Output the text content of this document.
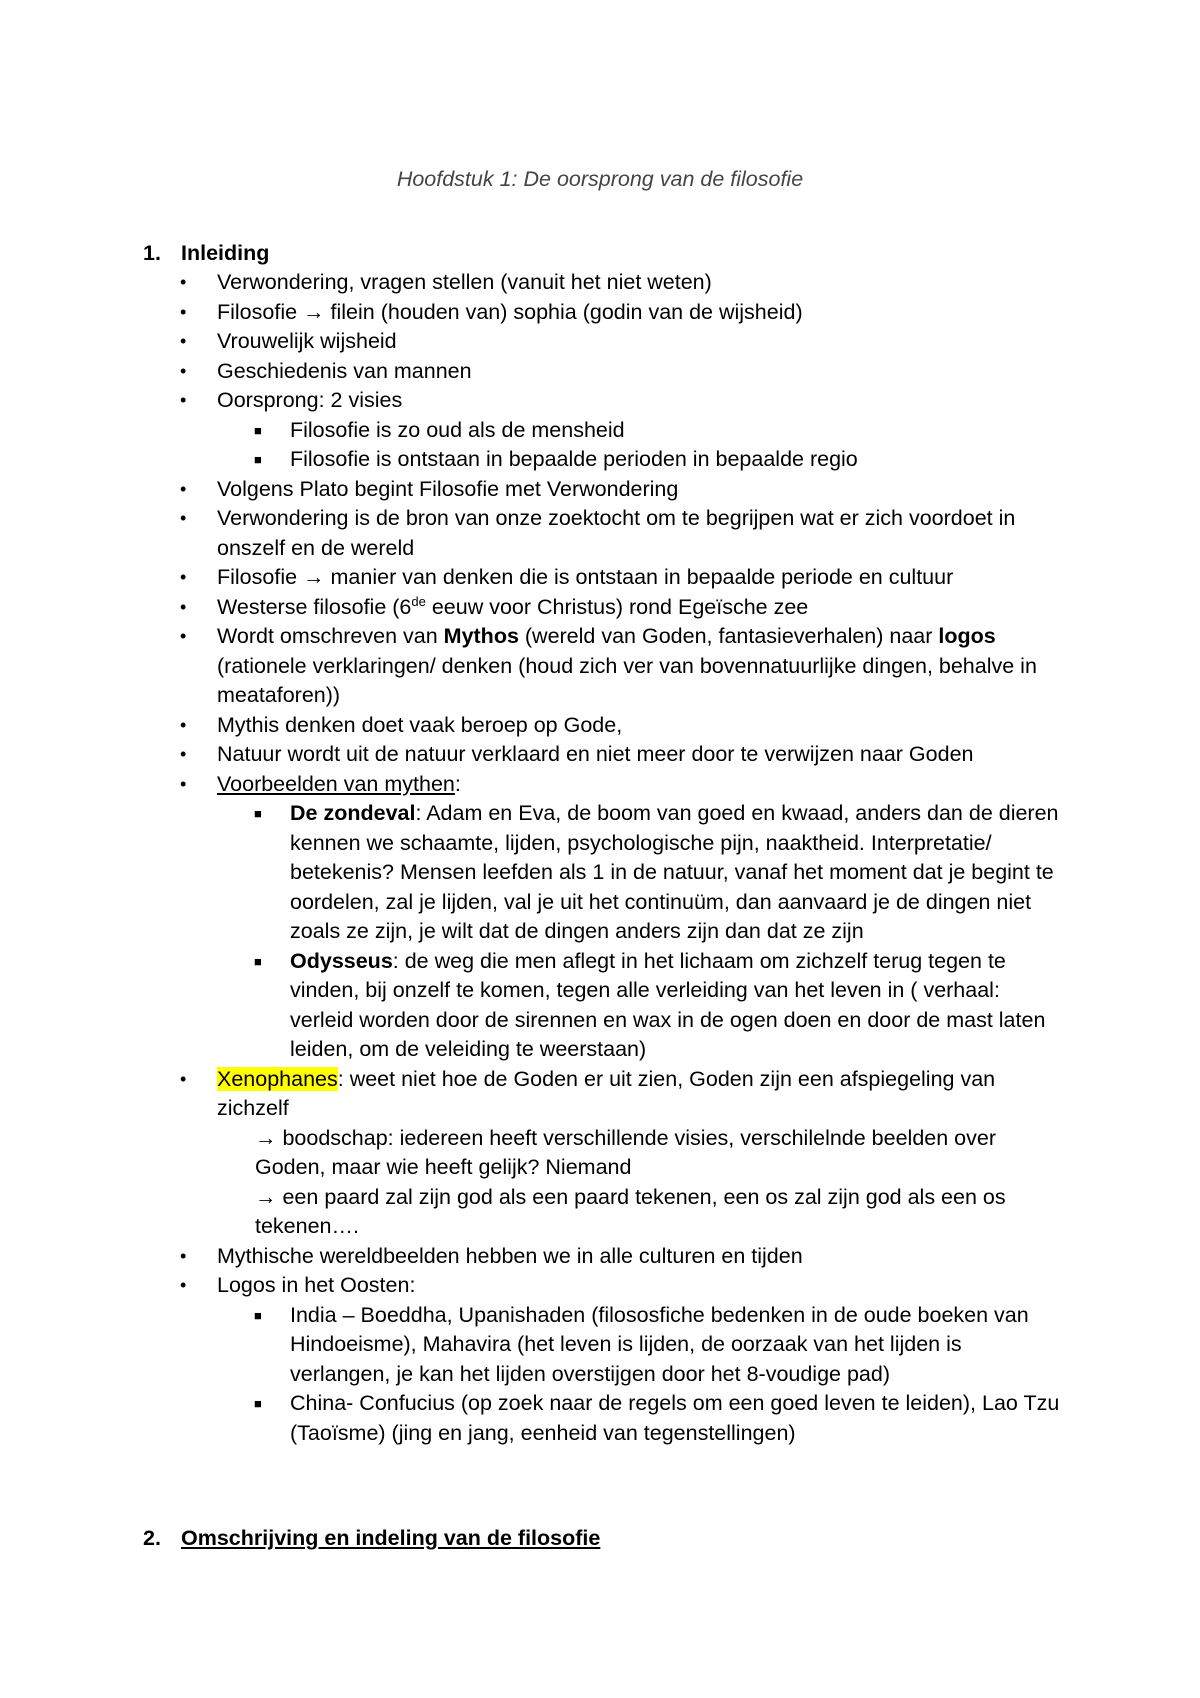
Hoofdstuk 1: De oorsprong van de filosofie
1. Inleiding
• Verwondering, vragen stellen (vanuit het niet weten)
• Filosofie → filein (houden van) sophia (godin van de wijsheid)
• Vrouwelijk wijsheid
• Geschiedenis van mannen
• Oorsprong: 2 visies
■ Filosofie is zo oud als de mensheid
■ Filosofie is ontstaan in bepaalde perioden in bepaalde regio
• Volgens Plato begint Filosofie met Verwondering
• Verwondering is de bron van onze zoektocht om te begrijpen wat er zich voordoet in onszelf en de wereld
• Filosofie → manier van denken die is ontstaan in bepaalde periode en cultuur
• Westerse filosofie (6de eeuw voor Christus) rond Egeïsche zee
• Wordt omschreven van Mythos (wereld van Goden, fantasieverhalen) naar logos (rationele verklaringen/ denken (houd zich ver van bovennatuurlijke dingen, behalve in meataforen))
• Mythis denken doet vaak beroep op Gode,
• Natuur wordt uit de natuur verklaard en niet meer door te verwijzen naar Goden
• Voorbeelden van mythen:
■ De zondeval: Adam en Eva, de boom van goed en kwaad, anders dan de dieren kennen we schaamte, lijden, psychologische pijn, naaktheid. Interpretatie/ betekenis? Mensen leefden als 1 in de natuur, vanaf het moment dat je begint te oordelen, zal je lijden, val je uit het continuüm, dan aanvaard je de dingen niet zoals ze zijn, je wilt dat de dingen anders zijn dan dat ze zijn
■ Odysseus: de weg die men aflegt in het lichaam om zichzelf terug tegen te vinden, bij onzelf te komen, tegen alle verleiding van het leven in ( verhaal: verleid worden door de sirennen en wax in de ogen doen en door de mast laten leiden, om de veleiding te weerstaan)
• Xenophanes: weet niet hoe de Goden er uit zien, Goden zijn een afspiegeling van zichzelf
→ boodschap: iedereen heeft verschillende visies, verschilelnde beelden over Goden, maar wie heeft gelijk? Niemand
→ een paard zal zijn god als een paard tekenen, een os zal zijn god als een os tekenen….
• Mythische wereldbeelden hebben we in alle culturen en tijden
• Logos in het Oosten:
■ India – Boeddha, Upanishaden (filososfiche bedenken in de oude boeken van Hindoeisme), Mahavira (het leven is lijden, de oorzaak van het lijden is verlangen, je kan het lijden overstijgen door het 8-voudige pad)
■ China- Confucius (op zoek naar de regels om een goed leven te leiden), Lao Tzu (Taoïsme) (jing en jang, eenheid van tegenstellingen)
2. Omschrijving en indeling van de filosofie
